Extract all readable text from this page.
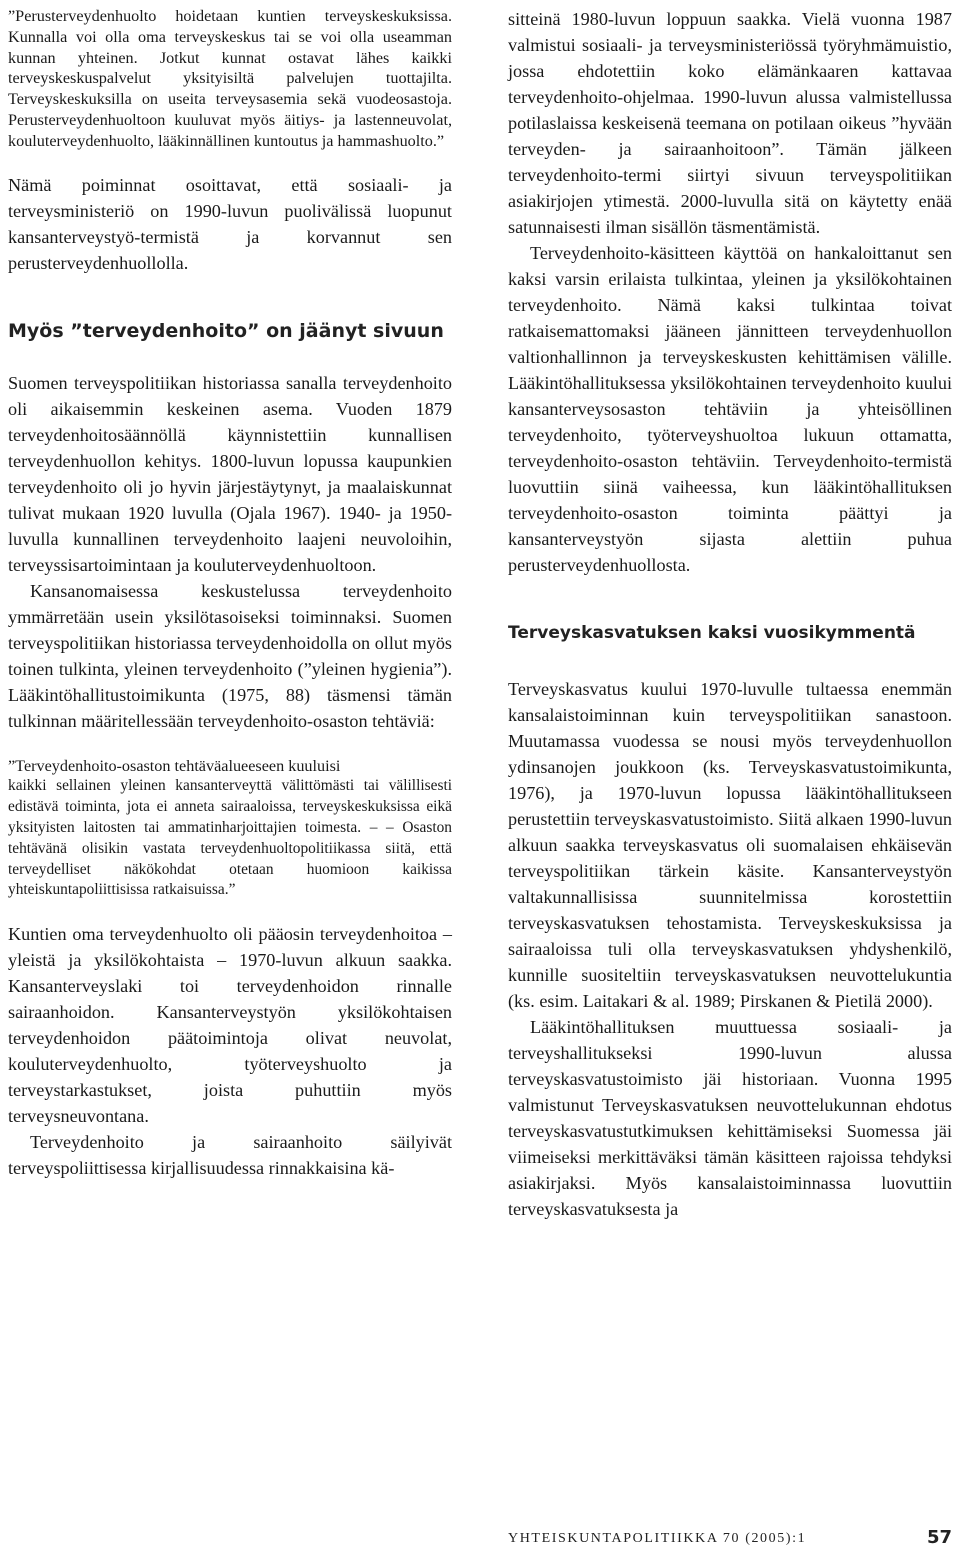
”Perusterveydenhuolto hoidetaan kuntien terveyskeskuksissa. Kunnalla voi olla oma terveyskeskus tai se voi olla useamman kunnan yhteinen. Jotkut kunnat ostavat lähes kaikki terveyskeskuspalvelut yksityisiltä palvelujen tuottajilta. Terveyskeskuksilla on useita terveysasemia sekä vuodeosastoja. Perusterveydenhuoltoon kuuluvat myös äitiys- ja lastenneuvolat, kouluterveydenhuolto, lääkinnällinen kuntoutus ja hammashuolto.”

Nämä poiminnat osoittavat, että sosiaali- ja terveysministeriö on 1990-luvun puolivälissä luopunut kansanterveystyö-termistä ja korvannut sen perusterveydenhuollolla.

Myös ”terveydenhoito” on jäänyt sivuun

Suomen terveyspolitiikan historiassa sanalla terveydenhoito oli aikaisemmin keskeinen asema. Vuoden 1879 terveydenhoitosäännöllä käynnistettiin kunnallisen terveydenhuollon kehitys. 1800-luvun lopussa kaupunkien terveydenhoito oli jo hyvin järjestäytynyt, ja maalaiskunnat tulivat mukaan 1920 luvulla (Ojala 1967). 1940- ja 1950-luvulla kunnallinen terveydenhoito laajeni neuvoloihin, terveyssisartoimintaan ja kouluterveydenhuoltoon.

Kansanomaisessa keskustelussa terveydenhoito ymmärretään usein yksilötasoiseksi toiminnaksi. Suomen terveyspolitiikan historiassa terveydenhoidolla on ollut myös toinen tulkinta, yleinen terveydenhoito (”yleinen hygienia”). Lääkintöhallitustoimikunta (1975, 88) täsmensi tämän tulkinnan määritellessään terveydenhoito-osaston tehtäviä:

”Terveydenhoito-osaston tehtäväalueeseen kuuluisi

kaikki sellainen yleinen kansanterveyttä välittömästi tai välillisesti edistävä toiminta, jota ei anneta sairaaloissa, terveyskeskuksissa eikä yksityisten laitosten tai ammatinharjoittajien toimesta. – – Osaston tehtävänä olisikin vastata terveydenhuoltopolitiikassa siitä, että terveydelliset näkökohdat otetaan huomioon kaikissa yhteiskuntapoliittisissa ratkaisuissa.”

Kuntien oma terveydenhuolto oli pääosin terveydenhoitoa – yleistä ja yksilökohtaista – 1970-luvun alkuun saakka. Kansanterveyslaki toi terveydenhoidon rinnalle sairaanhoidon. Kansanterveystyön yksilökohtaisen terveydenhoidon päätoimintoja olivat neuvolat, kouluterveydenhuolto, työterveyshuolto ja terveystarkastukset, joista puhuttiin myös terveysneuvontana.

Terveydenhoito ja sairaanhoito säilyivät terveyspoliittisessa kirjallisuudessa rinnakkaisina kä-

sitteinä 1980-luvun loppuun saakka. Vielä vuonna 1987 valmistui sosiaali- ja terveysministeriössä työryhmämuistio, jossa ehdotettiin koko elämänkaaren kattavaa terveydenhoito-ohjelmaa. 1990-luvun alussa valmistellussa potilaslaissa keskeisenä teemana on potilaan oikeus ”hyvään terveyden- ja sairaanhoitoon”. Tämän jälkeen terveydenhoito-termi siirtyi sivuun terveyspolitiikan asiakirjojen ytimestä. 2000-luvulla sitä on käytetty enää satunnaisesti ilman sisällön täsmentämistä.

Terveydenhoito-käsitteen käyttöä on hankaloittanut sen kaksi varsin erilaista tulkintaa, yleinen ja yksilökohtainen terveydenhoito. Nämä kaksi tulkintaa toivat ratkaisemattomaksi jääneen jännitteen terveydenhuollon valtionhallinnon ja terveyskeskusten kehittämisen välille. Lääkintöhallituksessa yksilökohtainen terveydenhoito kuului kansanterveysosaston tehtäviin ja yhteisöllinen terveydenhoito, työterveyshuoltoa lukuun ottamatta, terveydenhoito-osaston tehtäviin. Terveydenhoito-termistä luovuttiin siinä vaiheessa, kun lääkintöhallituksen terveydenhoito-osaston toiminta päättyi ja kansanterveystyön sijasta alettiin puhua perusterveydenhuollosta.

Terveyskasvatuksen kaksi vuosikymmentä

Terveyskasvatus kuului 1970-luvulle tultaessa enemmän kansalaistoiminnan kuin terveyspolitiikan sanastoon. Muutamassa vuodessa se nousi myös terveydenhuollon ydinsanojen joukkoon (ks. Terveyskasvatustoimikunta, 1976), ja 1970-luvun lopussa lääkintöhallitukseen perustettiin terveyskasvatustoimisto. Siitä alkaen 1990-luvun alkuun saakka terveyskasvatus oli suomalaisen ehkäisevän terveyspolitiikan tärkein käsite. Kansanterveystyön valtakunnallisissa suunnitelmissa korostettiin terveyskasvatuksen tehostamista. Terveyskeskuksissa ja sairaaloissa tuli olla terveyskasvatuksen yhdyshenkilö, kunnille suositeltiin terveyskasvatuksen neuvottelukuntia (ks. esim. Laitakari & al. 1989; Pirskanen & Pietilä 2000).

Lääkintöhallituksen muuttuessa sosiaali- ja terveyshallitukseksi 1990-luvun alussa terveyskasvatustoimisto jäi historiaan. Vuonna 1995 valmistunut Terveyskasvatuksen neuvottelukunnan ehdotus terveyskasvatustutkimuksen kehittämiseksi Suomessa jäi viimeiseksi merkittäväksi tämän käsitteen rajoissa tehdyksi asiakirjaksi. Myös kansalaistoiminnassa luovuttiin terveyskasvatuksesta ja

YHTEISKUNTAPOLITIIKKA 70 (2005):1	57
